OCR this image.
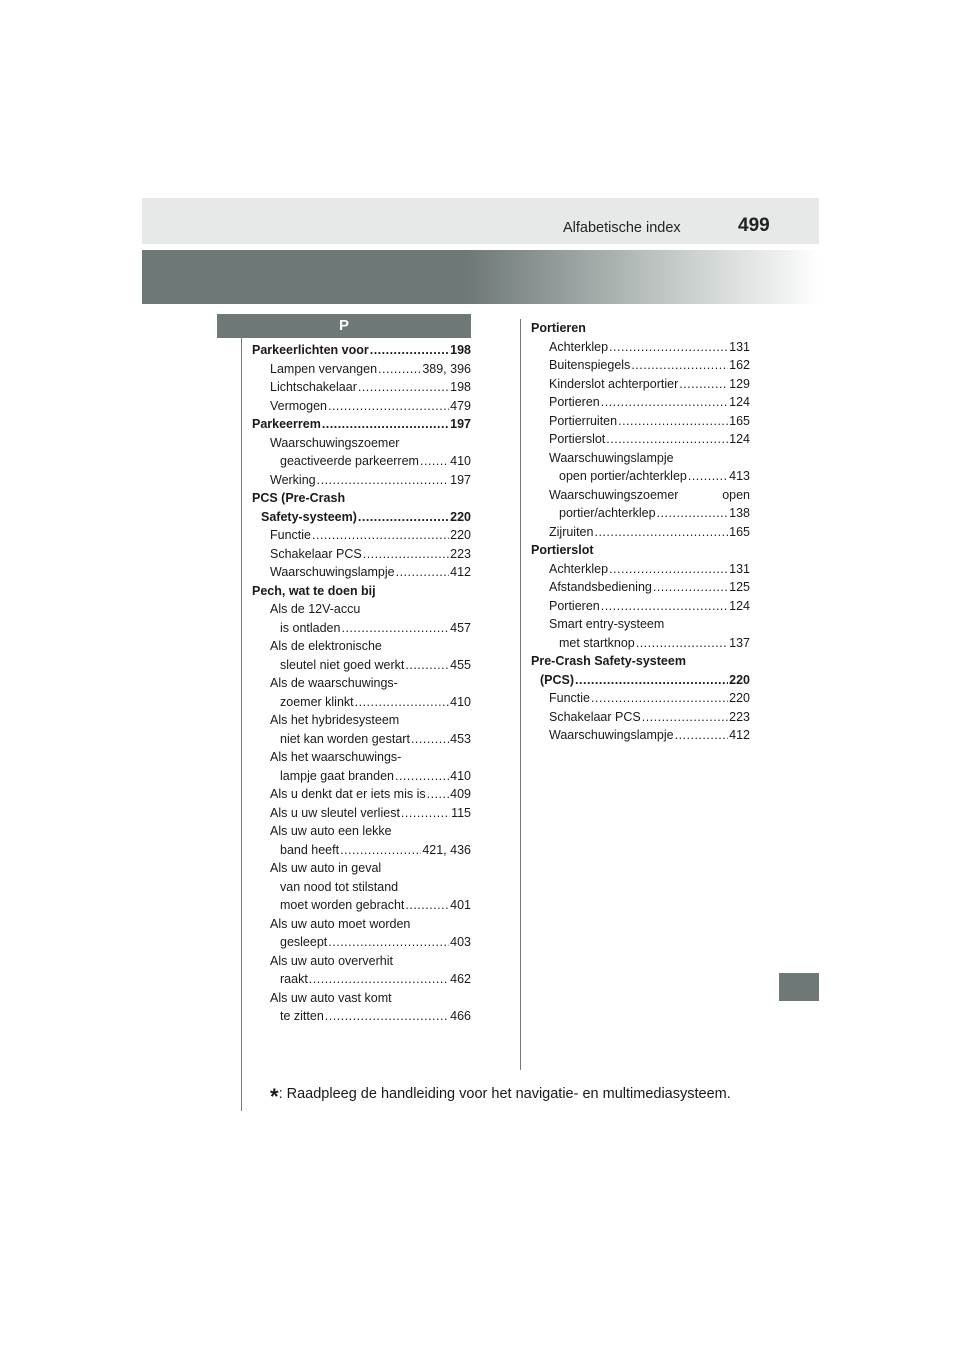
Alfabetische index	499
P
Parkeerlichten voor .....	198
Lampen vervangen .....	389, 396
Lichtschakelaar .....	198
Vermogen .....	479
Parkeerrem .....	197
Waarschuwingszoemer
geactiveerde parkeerrem ..... 410
Werking .....	197
PCS (Pre-Crash
Safety-systeem) .....	220
Functie .....	220
Schakelaar PCS .....	223
Waarschuwingslampje .....	412
Pech, wat te doen bij
Als de 12V-accu
is ontladen .....	457
Als de elektronische
sleutel niet goed werkt .....	455
Als de waarschuwings-
zoemer klinkt .....	410
Als het hybridesysteem
niet kan worden gestart .....	453
Als het waarschuwings-
lampje gaat branden .....	410
Als u denkt dat er iets mis is ..... 409
Als u uw sleutel verliest .....	115
Als uw auto een lekke
band heeft .....	421, 436
Als uw auto in geval
van nood tot stilstand
moet worden gebracht .....	401
Als uw auto moet worden
gesleept .....	403
Als uw auto oververhit
raakt .....	462
Als uw auto vast komt
te zitten .....	466
Portieren
Achterklep .....	131
Buitenspiegels .....	162
Kinderslot achterportier .....	129
Portieren .....	124
Portierruiten .....	165
Portierslot .....	124
Waarschuwingslampje
open portier/achterklep .....	413
Waarschuwingszoemer	open
portier/achterklep .....	138
Zijruiten .....	165
Portierslot
Achterklep .....	131
Afstandsbediening .....	125
Portieren .....	124
Smart entry-systeem
met startknop .....	137
Pre-Crash Safety-systeem
(PCS) .....	220
Functie .....	220
Schakelaar PCS .....	223
Waarschuwingslampje .....	412
*: Raadpleeg de handleiding voor het navigatie- en multimediasysteem.
